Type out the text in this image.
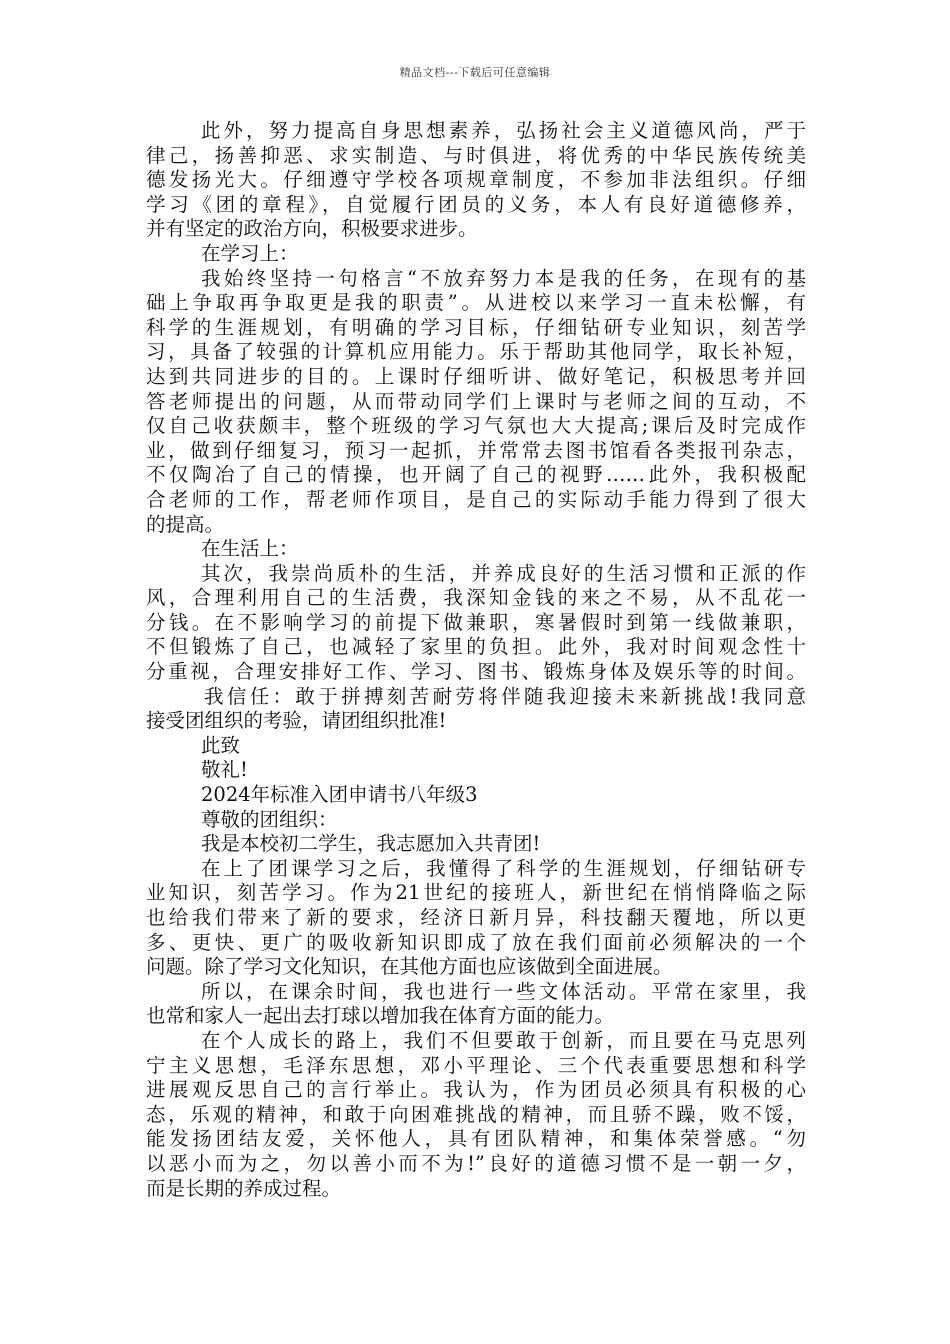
精品文档---下载后可任意编辑
此外，努力提高自身思想素养，弘扬社会主义道德风尚，严于
律己，扬善抑恶、求实制造、与时俱进，将优秀的中华民族传统美
德发扬光大。仔细遵守学校各项规章制度，不参加非法组织。仔细
学习《团的章程》，自觉履行团员的义务，本人有良好道德修养，
并有坚定的政治方向，积极要求进步。
在学习上：
我始终坚持一句格言“不放弃努力本是我的任务，在现有的基
础上争取再争取更是我的职责”。从进校以来学习一直未松懈，有
科学的生涯规划，有明确的学习目标，仔细钻研专业知识，刻苦学
习，具备了较强的计算机应用能力。乐于帮助其他同学，取长补短，
达到共同进步的目的。上课时仔细听讲、做好笔记，积极思考并回
答老师提出的问题，从而带动同学们上课时与老师之间的互动，不
仅自己收获颇丰，整个班级的学习气氛也大大提高;课后及时完成作
业，做到仔细复习，预习一起抓，并常常去图书馆看各类报刊杂志，
不仅陶冶了自己的情操，也开阔了自己的视野……此外，我积极配
合老师的工作，帮老师作项目，是自己的实际动手能力得到了很大
的提高。
在生活上：
其次，我崇尚质朴的生活，并养成良好的生活习惯和正派的作
风，合理利用自己的生活费，我深知金钱的来之不易，从不乱花一
分钱。在不影响学习的前提下做兼职，寒暑假时到第一线做兼职，
不但锻炼了自己，也减轻了家里的负担。此外，我对时间观念性十
分重视，合理安排好工作、学习、图书、锻炼身体及娱乐等的时间。
我信任：敢于拼搏刻苦耐劳将伴随我迎接未来新挑战!我同意
接受团组织的考验，请团组织批准!
此致
敬礼!
2024年标准入团申请书八年级3
尊敬的团组织：
我是本校初二学生，我志愿加入共青团!
在上了团课学习之后，我懂得了科学的生涯规划，仔细钻研专
业知识，刻苦学习。作为21世纪的接班人，新世纪在悄悄降临之际
也给我们带来了新的要求，经济日新月异，科技翻天覆地，所以更
多、更快、更广的吸收新知识即成了放在我们面前必须解决的一个
问题。除了学习文化知识，在其他方面也应该做到全面进展。
所以，在课余时间，我也进行一些文体活动。平常在家里，我
也常和家人一起出去打球以增加我在体育方面的能力。
在个人成长的路上，我们不但要敢于创新，而且要在马克思列
宁主义思想，毛泽东思想，邓小平理论、三个代表重要思想和科学
进展观反思自己的言行举止。我认为，作为团员必须具有积极的心
态，乐观的精神，和敢于向困难挑战的精神，而且骄不躁，败不馁，
能发扬团结友爱，关怀他人，具有团队精神，和集体荣誉感。“勿
以恶小而为之，勿以善小而不为!”良好的道德习惯不是一朝一夕，
而是长期的养成过程。
